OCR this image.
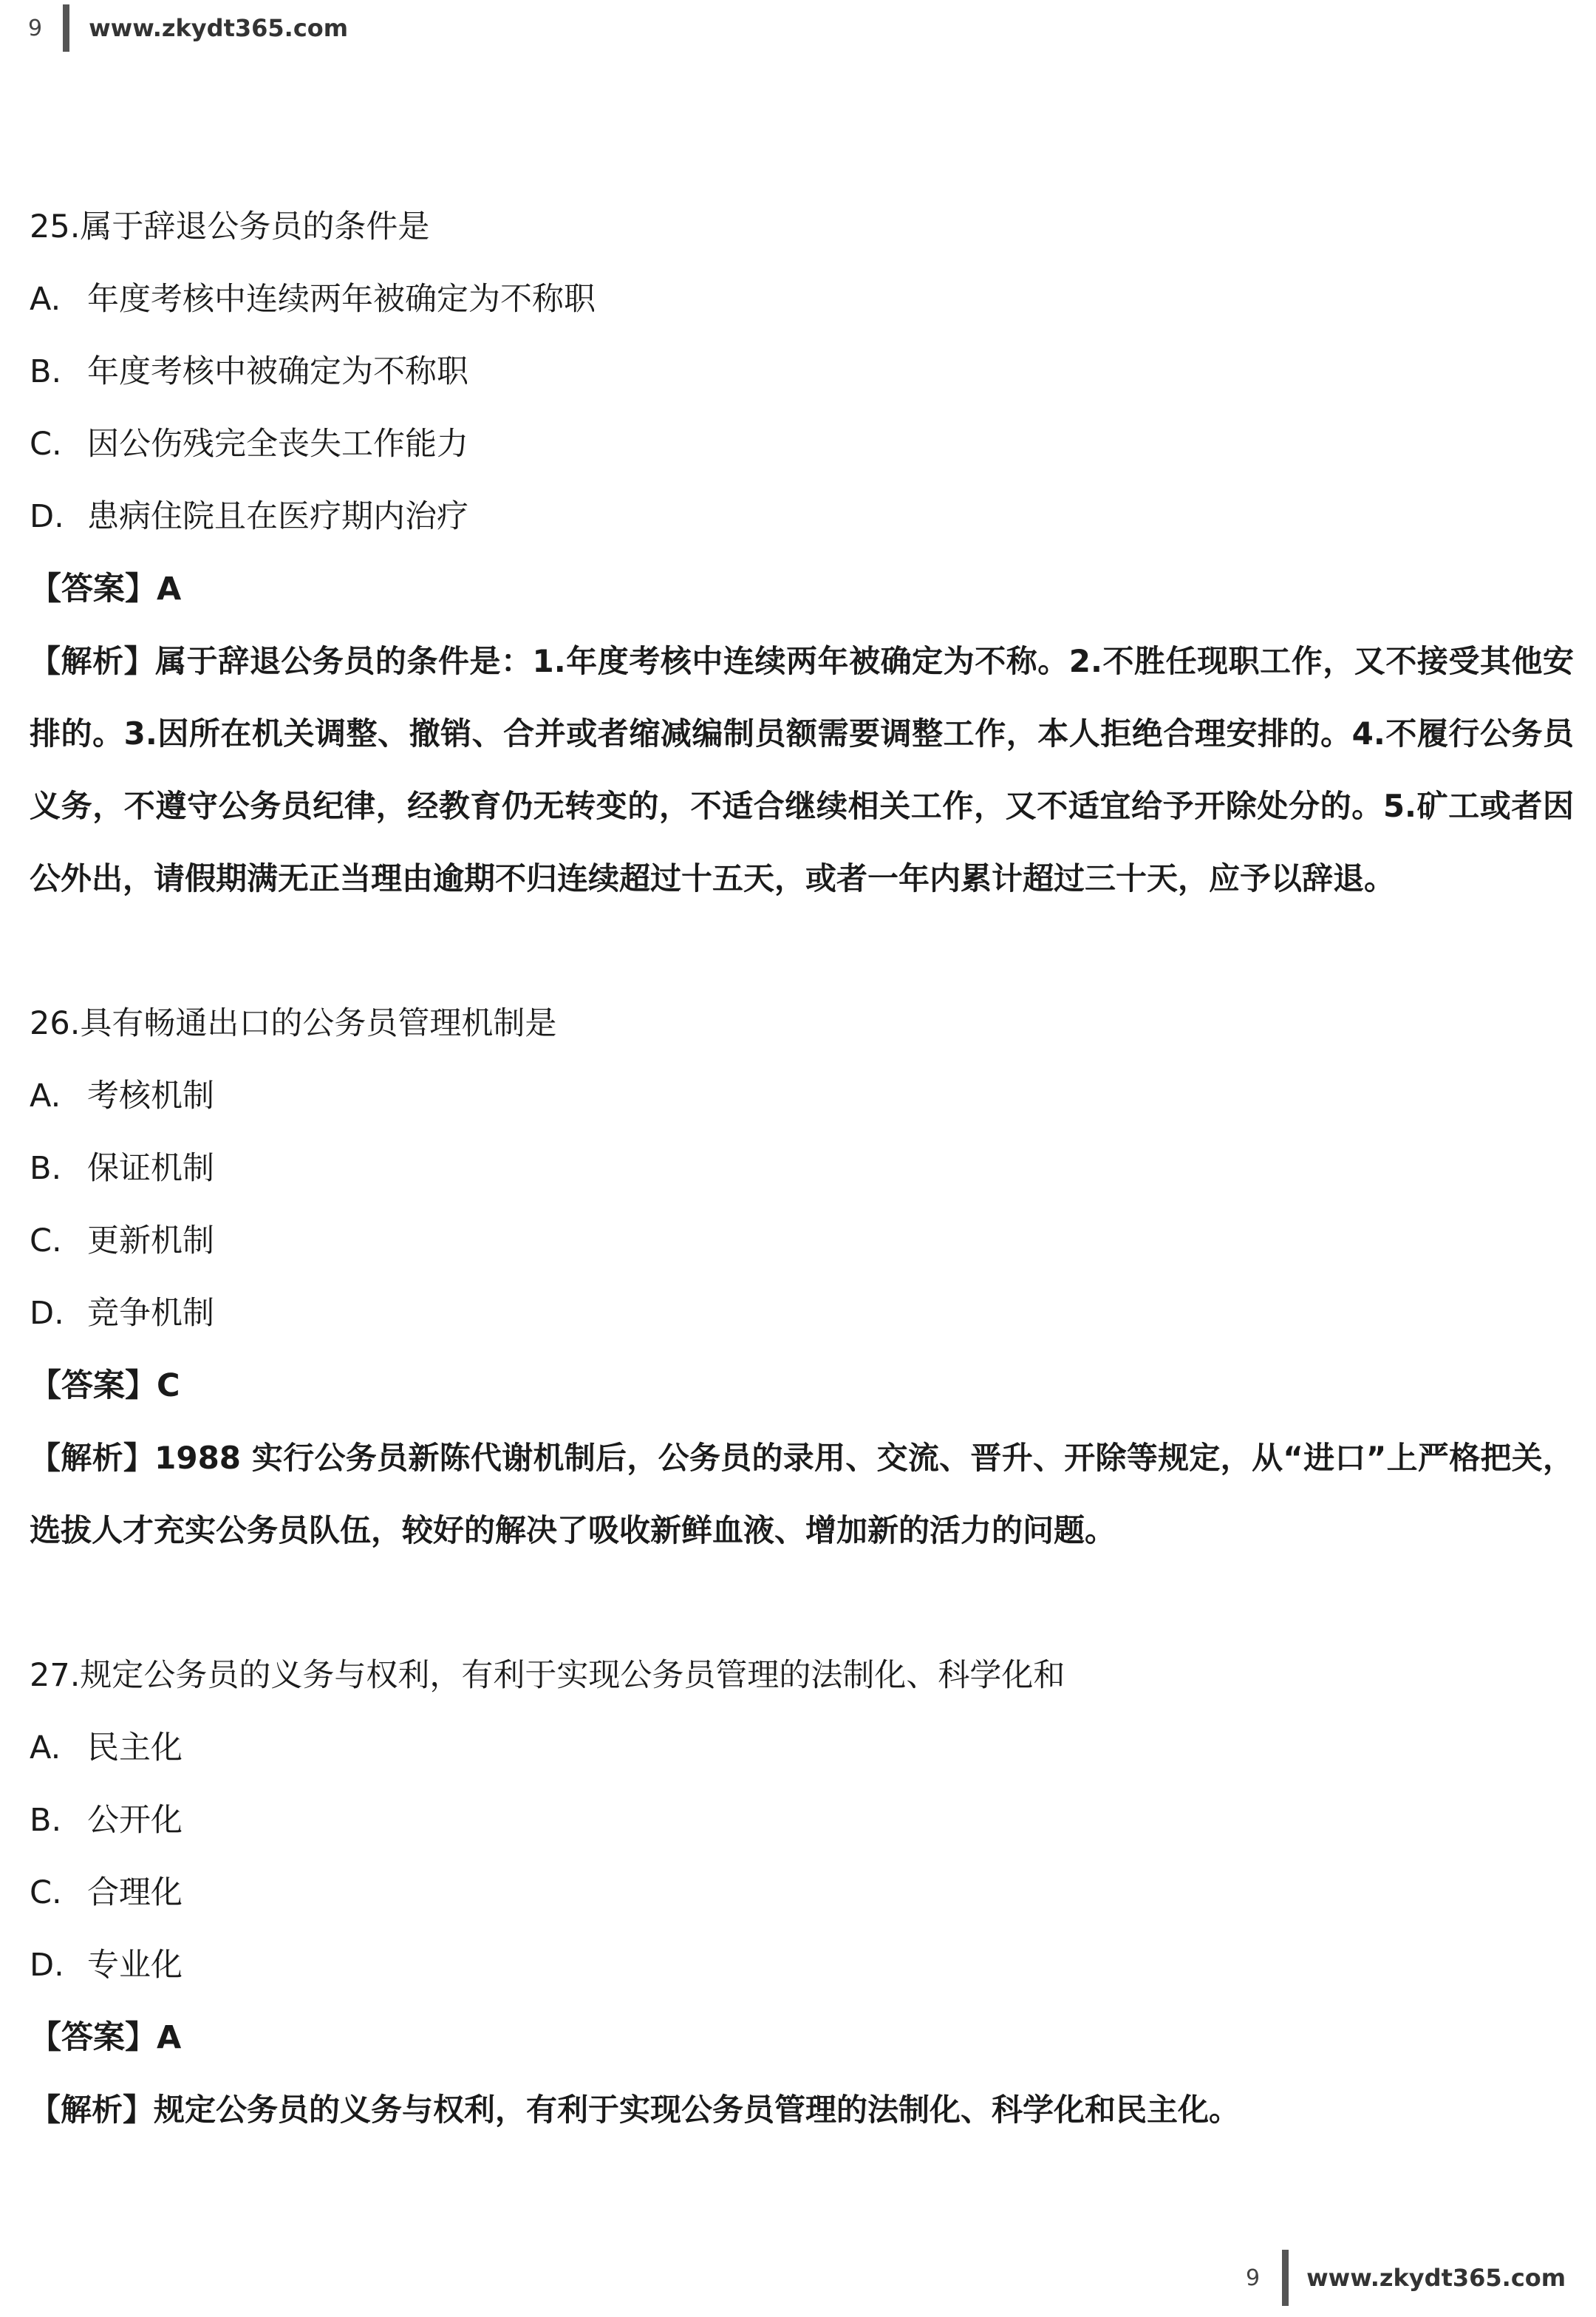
9 www.zkydt365.com
25.属于辞退公务员的条件是
A. 年度考核中连续两年被确定为不称职
B. 年度考核中被确定为不称职
C. 因公伤残完全丧失工作能力
D. 患病住院且在医疗期内治疗
【答案】A
【解析】属于辞退公务员的条件是：1.年度考核中连续两年被确定为不称。2.不胜任现职工作，又不接受其他安排的。3.因所在机关调整、撤销、合并或者缩减编制员额需要调整工作，本人拒绝合理安排的。4.不履行公务员义务，不遵守公务员纪律，经教育仍无转变的，不适合继续相关工作，又不适宜给予开除处分的。5.矿工或者因公外出，请假期满无正当理由逾期不归连续超过十五天，或者一年内累计超过三十天，应予以辞退。
26.具有畅通出口的公务员管理机制是
A. 考核机制
B. 保证机制
C. 更新机制
D. 竞争机制
【答案】C
【解析】1988 实行公务员新陈代谢机制后，公务员的录用、交流、晋升、开除等规定，从“进口”上严格把关，选拔人才充实公务员队伍，较好的解决了吸收新鲜血液、增加新的活力的问题。
27.规定公务员的义务与权利，有利于实现公务员管理的法制化、科学化和
A. 民主化
B. 公开化
C. 合理化
D. 专业化
【答案】A
【解析】规定公务员的义务与权利，有利于实现公务员管理的法制化、科学化和民主化。
9 www.zkydt365.com
